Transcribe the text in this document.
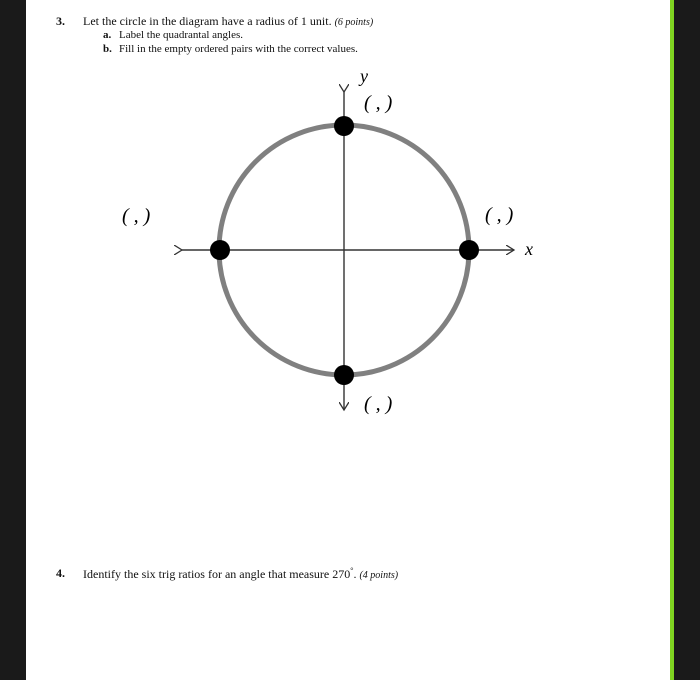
3. Let the circle in the diagram have a radius of 1 unit. (6 points)
a. Label the quadrantal angles.
b. Fill in the empty ordered pairs with the correct values.
y
x
( , )
( , )
( , )
( , )
4. Identify the six trig ratios for an angle that measure 270°. (4 points)
